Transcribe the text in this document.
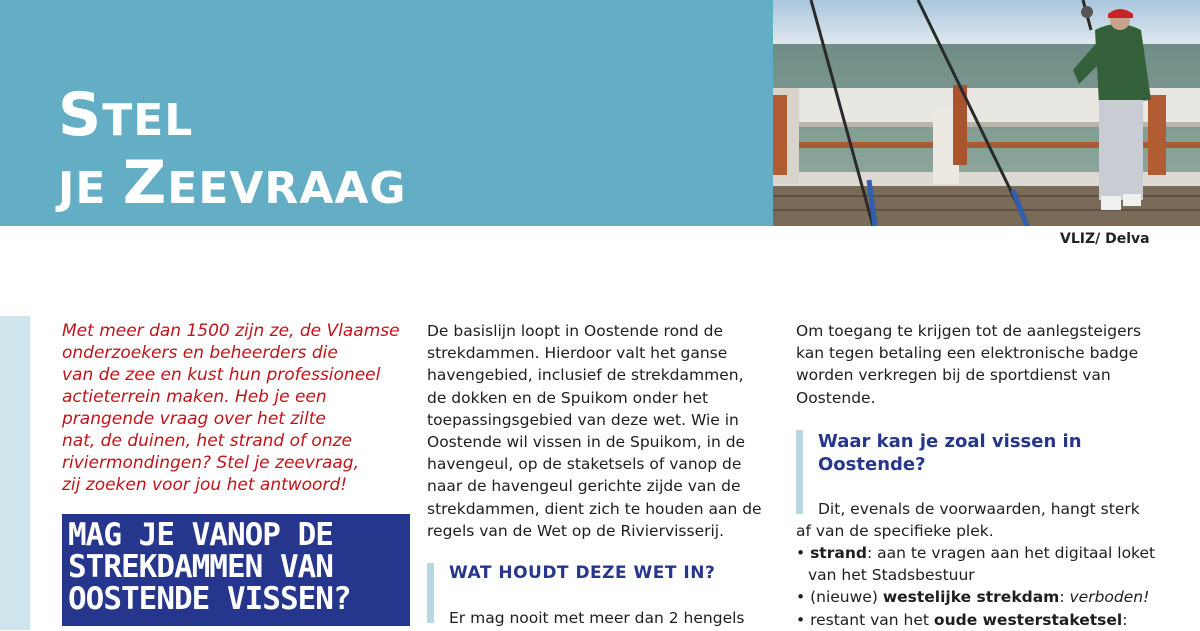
STEL
JE ZEEVRAAG
VLIZ/ Delva
Met meer dan 1500 zijn ze, de Vlaamse
onderzoekers en beheerders die
van de zee en kust hun professioneel
actieterrein maken. Heb je een
prangende vraag over het zilte
nat, de duinen, het strand of onze
riviermondingen? Stel je zeevraag,
zij zoeken voor jou het antwoord!
MAG JE VANOP DE
STREKDAMMEN VAN
OOSTENDE VISSEN?
De basislijn loopt in Oostende rond de
strekdammen. Hierdoor valt het ganse
havengebied, inclusief de strekdammen,
de dokken en de Spuikom onder het
toepassingsgebied van deze wet. Wie in
Oostende wil vissen in de Spuikom, in de
havengeul, op de staketsels of vanop de
naar de havengeul gerichte zijde van de
strekdammen, dient zich te houden aan de
regels van de Wet op de Riviervisserij.
WAT HOUDT DEZE WET IN?
Er mag nooit met meer dan 2 hengels
Om toegang te krijgen tot de aanlegsteigers
kan tegen betaling een elektronische badge
worden verkregen bij de sportdienst van
Oostende.
Waar kan je zoal vissen in
Oostende?
Dit, evenals de voorwaarden, hangt sterk
af van de specifieke plek.
• strand: aan te vragen aan het digitaal loket
van het Stadsbestuur
• (nieuwe) westelijke strekdam: verboden!
• restant van het oude westerstaketsel:
